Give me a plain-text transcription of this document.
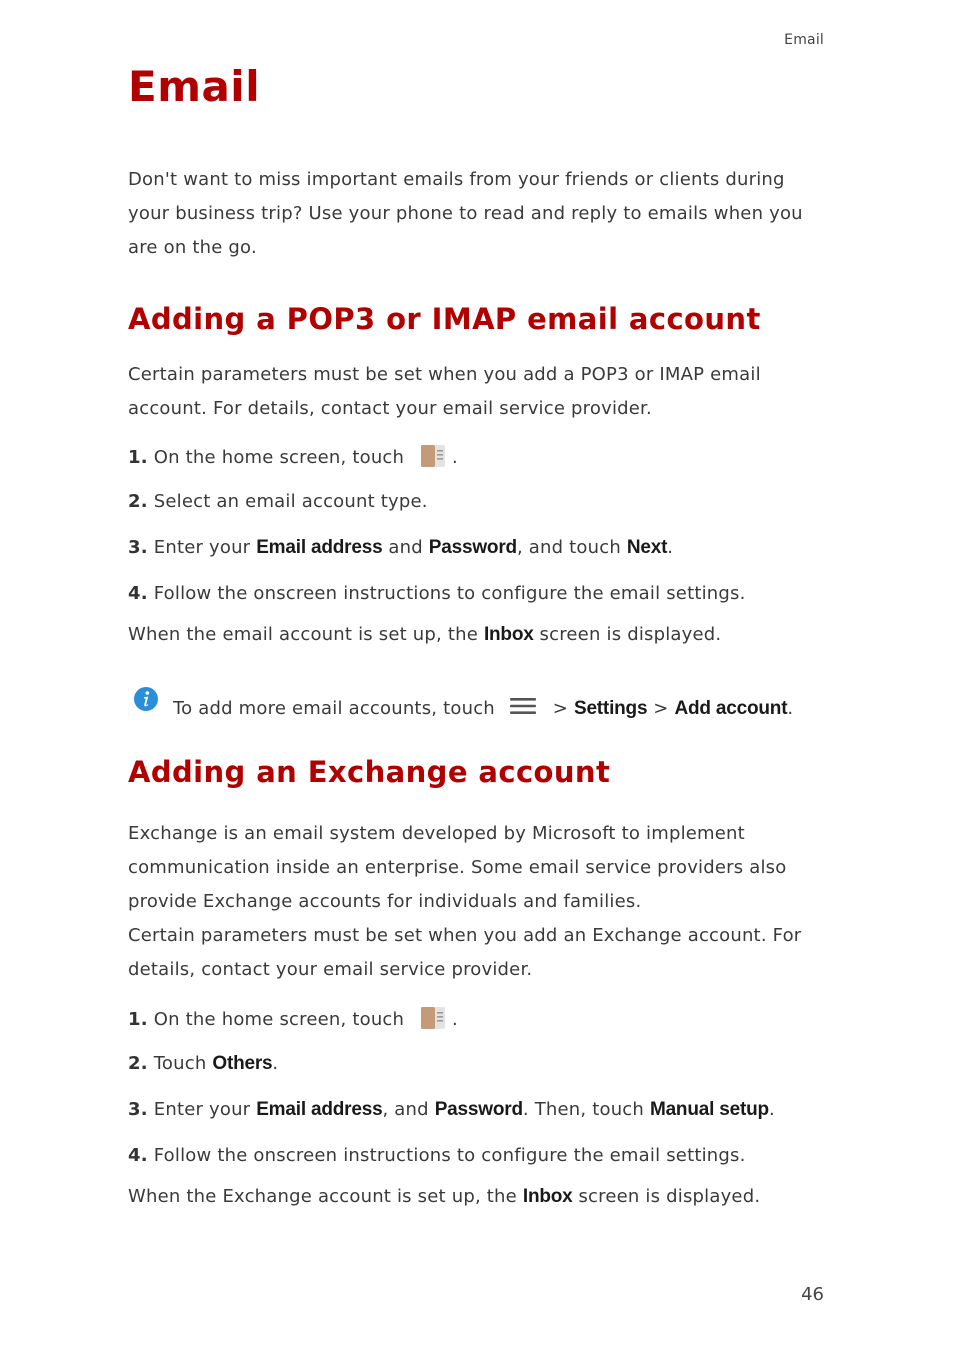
Email
Email

Don't want to miss important emails from your friends or clients during your business trip? Use your phone to read and reply to emails when you are on the go.

Adding a POP3 or IMAP email account

Certain parameters must be set when you add a POP3 or IMAP email account. For details, contact your email service provider.

1. On the home screen, touch	.
2. Select an email account type.
3. Enter your Email address and Password, and touch Next.
4. Follow the onscreen instructions to configure the email settings.
When the email account is set up, the Inbox screen is displayed.
To add more email accounts, touch	> Settings > Add account.
Adding an Exchange account

Exchange is an email system developed by Microsoft to implement communication inside an enterprise. Some email service providers also provide Exchange accounts for individuals and families.

Certain parameters must be set when you add an Exchange account. For details, contact your email service provider.

1. On the home screen, touch	.
2. Touch Others.
3. Enter your Email address, and Password. Then, touch Manual setup.
4. Follow the onscreen instructions to configure the email settings.
When the Exchange account is set up, the Inbox screen is displayed.
46
